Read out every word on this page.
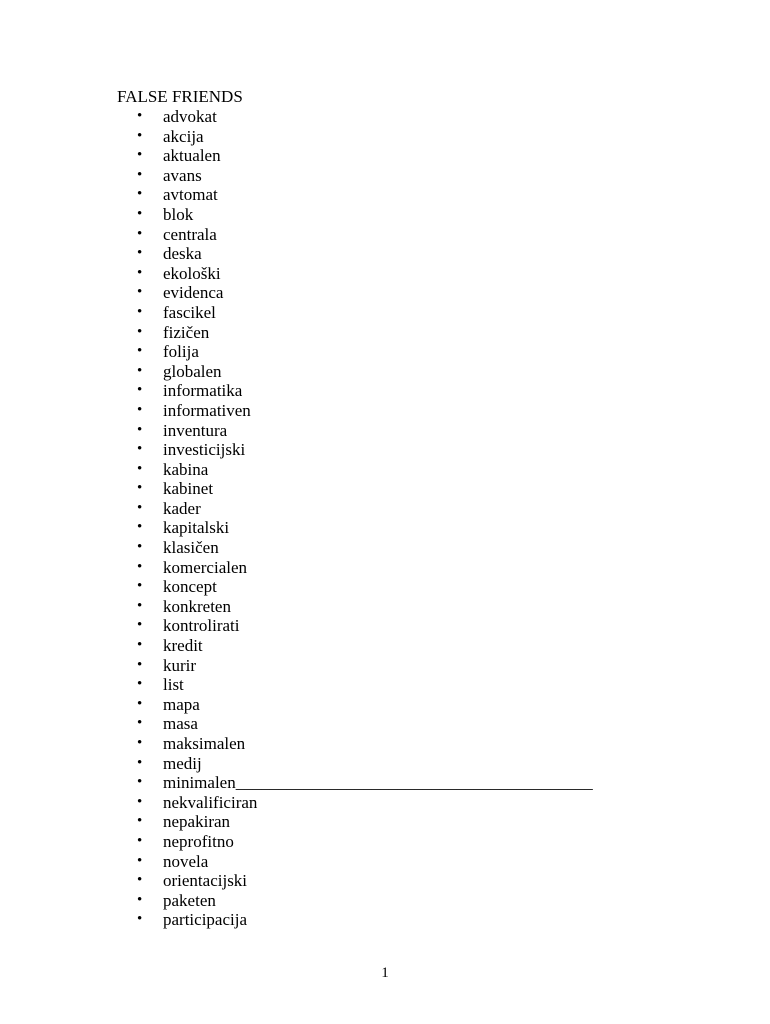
FALSE FRIENDS
• advokat
• akcija
• aktualen
• avans
• avtomat
• blok
• centrala
• deska
• ekološki
• evidenca
• fascikel
• fizičen
• folija
• globalen
• informatika
• informativen
• inventura
• investicijski
• kabina
• kabinet
• kader
• kapitalski
• klasičen
• komercialen
• koncept
• konkreten
• kontrolirati
• kredit
• kurir
• list
• mapa
• masa
• maksimalen
• medij
• minimalen__________________________________________
• nekvalificiran
• nepakiran
• neprofitno
• novela
• orientacijski
• paketen
• participacija
1
